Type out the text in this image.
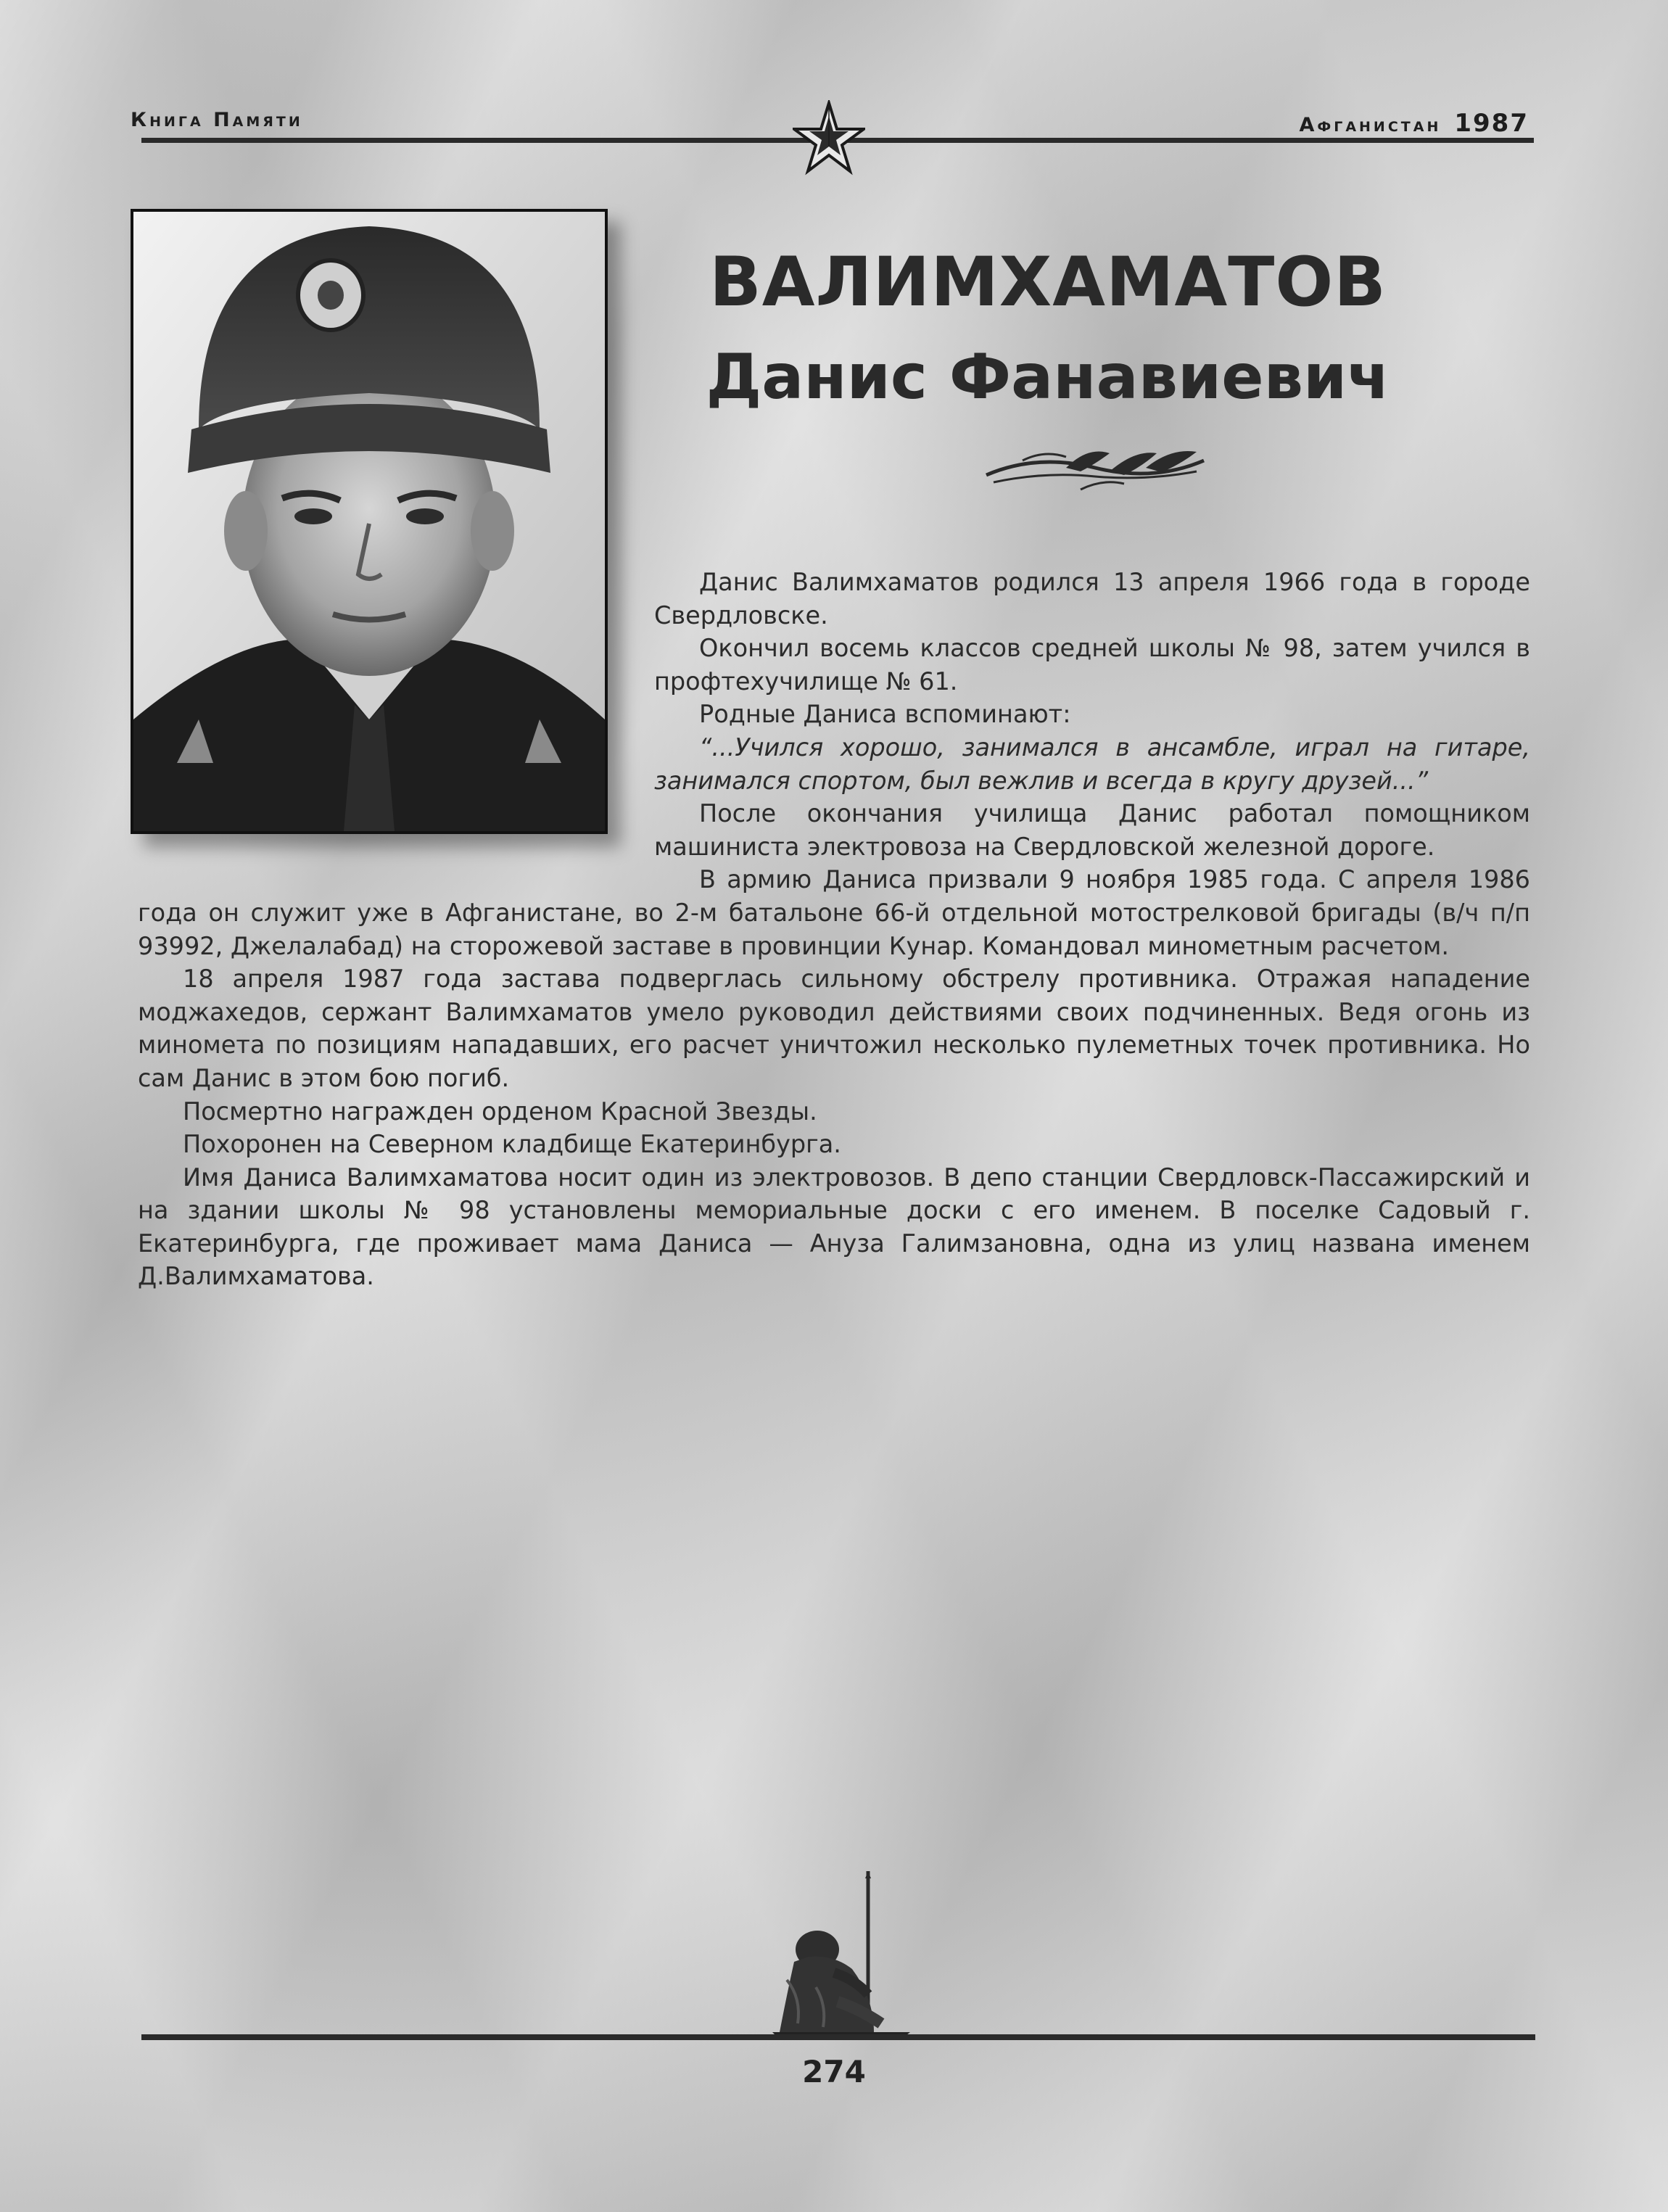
Книга Памяти	Афганистан 1987
ВАЛИМХАМАТОВ
Данис Фанавиевич

Данис Валимхаматов родился 13 апреля 1966 года в городе Свердловске.

Окончил восемь классов средней школы № 98, затем учился в профтехучилище № 61.

Родные Даниса вспоминают:

“...Учился хорошо, занимался в ансамбле, играл на гитаре, занимался спортом, был вежлив и всегда в кругу друзей...”

После окончания училища Данис работал помощником машиниста электровоза на Свердловской железной дороге.

В армию Даниса призвали 9 ноября 1985 года. С апреля 1986 года он служит уже в Афганистане, во 2-м батальоне 66-й отдельной мотострелковой бригады (в/ч п/п 93992, Джелалабад) на сторожевой заставе в провинции Кунар. Командовал минометным расчетом.

18 апреля 1987 года застава подверглась сильному обстрелу противника. Отражая нападение моджахедов, сержант Валимхаматов умело руководил действиями своих подчиненных. Ведя огонь из миномета по позициям нападавших, его расчет уничтожил несколько пулеметных точек противника. Но сам Данис в этом бою погиб.

Посмертно награжден орденом Красной Звезды.

Похоронен на Северном кладбище Екатеринбурга.

Имя Даниса Валимхаматова носит один из электровозов. В депо станции Свердловск-Пассажирский и на здании школы № 98 установлены мемориальные доски с его именем. В поселке Садовый г. Екатеринбурга, где проживает мама Даниса — Ануза Галимзановна, одна из улиц названа именем Д.Валимхаматова.

274
